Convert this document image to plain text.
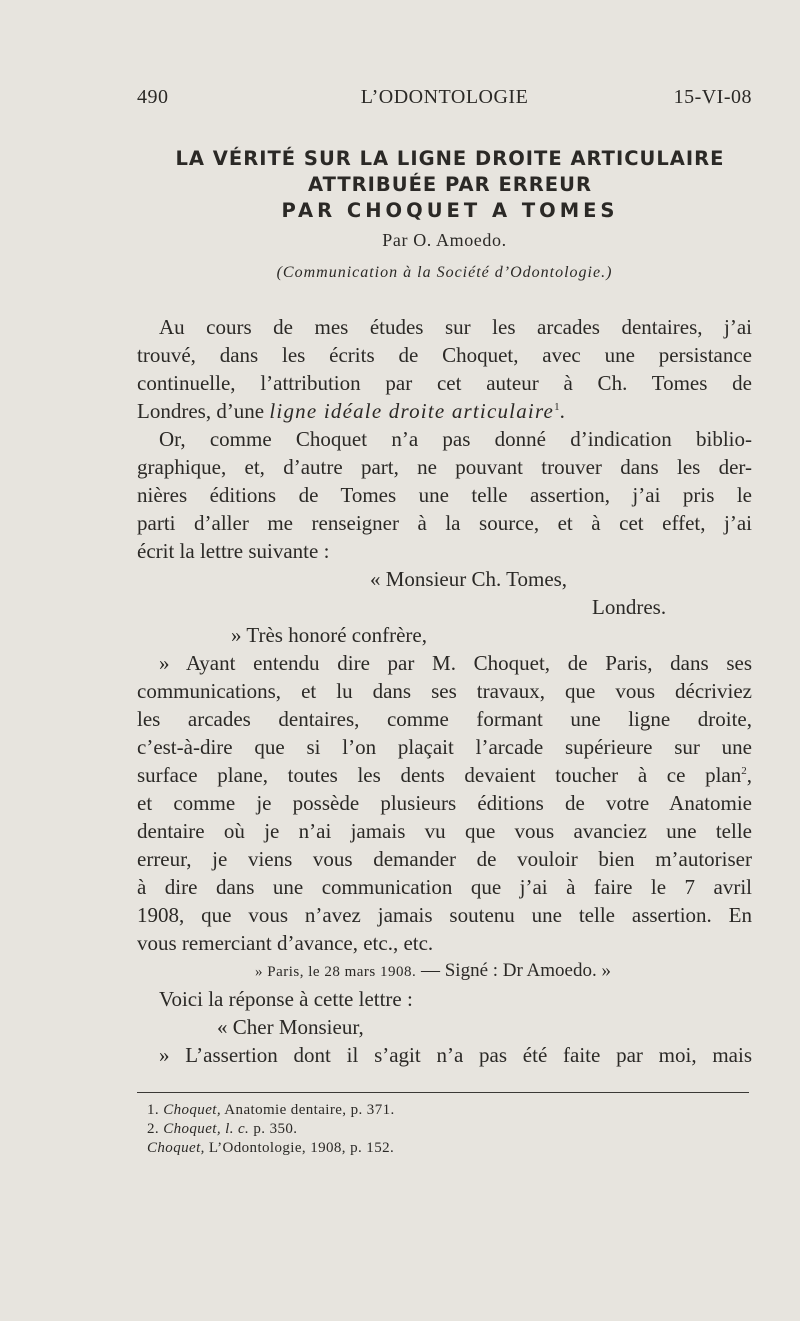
490	L’ODONTOLOGIE	15-VI-08
LA VÉRITÉ SUR LA LIGNE DROITE ARTICULAIRE
ATTRIBUÉE PAR ERREUR
PAR CHOQUET A TOMES
Par O. Amoedo.
(Communication à la Société d’Odontologie.)
Au cours de mes études sur les arcades dentaires, j’ai
trouvé, dans les écrits de Choquet, avec une persistance
continuelle, l’attribution par cet auteur à Ch. Tomes de
Londres, d’une ligne idéale droite articulaire$^1$.
Or, comme Choquet n’a pas donné d’indication biblio-
graphique, et, d’autre part, ne pouvant trouver dans les der-
nières éditions de Tomes une telle assertion, j’ai pris le
parti d’aller me renseigner à la source, et à cet effet, j’ai
écrit la lettre suivante :
« Monsieur Ch. Tomes,
Londres.
» Très honoré confrère,
» Ayant entendu dire par M. Choquet, de Paris, dans ses
communications, et lu dans ses travaux, que vous décriviez
les arcades dentaires, comme formant une ligne droite,
c’est-à-dire que si l’on plaçait l’arcade supérieure sur une
surface plane, toutes les dents devaient toucher à ce plan$^2$,
et comme je possède plusieurs éditions de votre Anatomie
dentaire où je n’ai jamais vu que vous avanciez une telle
erreur, je viens vous demander de vouloir bien m’autoriser
à dire dans une communication que j’ai à faire le 7 avril
1908, que vous n’avez jamais soutenu une telle assertion. En
vous remerciant d’avance, etc., etc.
» Paris, le 28 mars 1908. — Signé : Dr Amoedo. »
Voici la réponse à cette lettre :
« Cher Monsieur,
» L’assertion dont il s’agit n’a pas été faite par moi, mais
1. Choquet, Anatomie dentaire, p. 371.
2. Choquet, l. c. p. 350.
Choquet, L’Odontologie, 1908, p. 152.
